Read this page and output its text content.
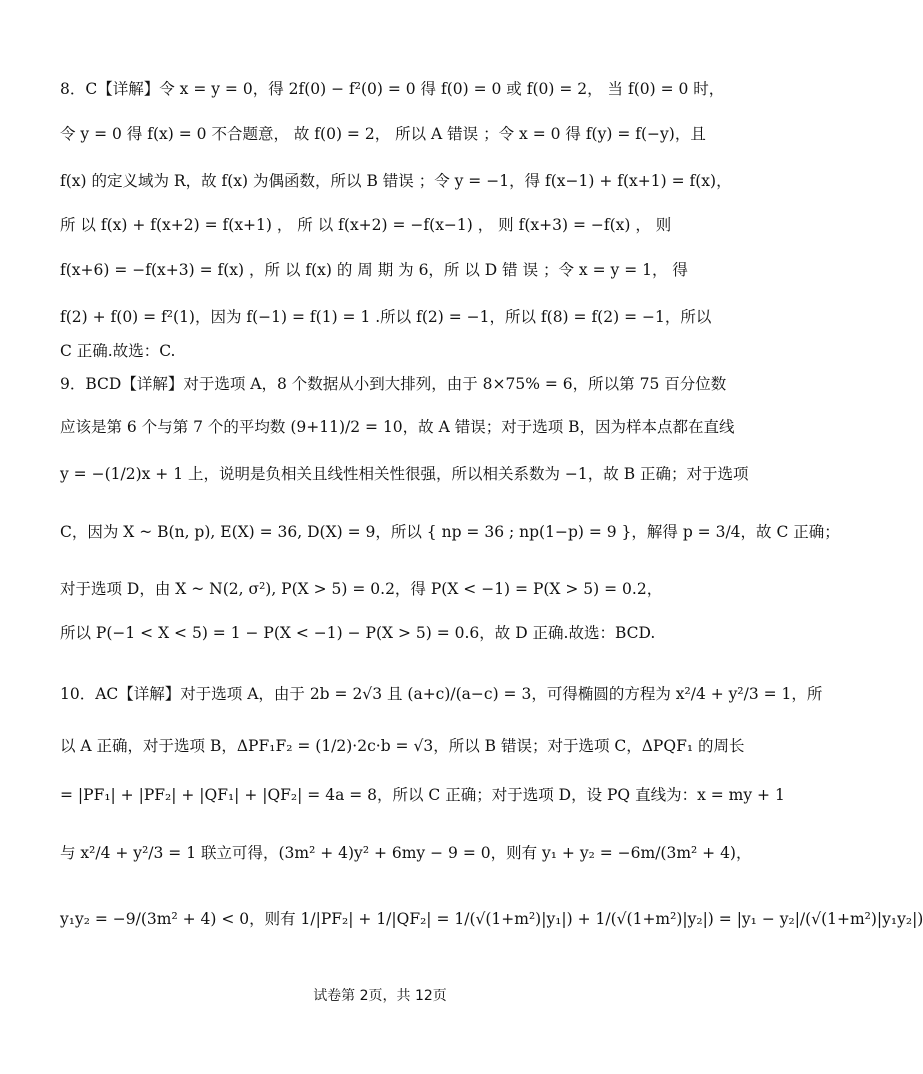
8．C【详解】令 x = y = 0，得 2f(0) − f²(0) = 0 得 f(0) = 0 或 f(0) = 2， 当 f(0) = 0 时，
令 y = 0 得 f(x) = 0 不合题意， 故 f(0) = 2， 所以 A 错误 ；令 x = 0 得 f(y) = f(−y)，且
f(x) 的定义域为 R，故 f(x) 为偶函数，所以 B 错误 ；令 y = −1，得 f(x−1) + f(x+1) = f(x)，
所 以 f(x) + f(x+2) = f(x+1) ， 所 以 f(x+2) = −f(x−1) ， 则 f(x+3) = −f(x) ， 则
f(x+6) = −f(x+3) = f(x) ，所 以 f(x) 的 周 期 为 6，所 以 D 错 误 ；令 x = y = 1， 得
f(2) + f(0) = f²(1)，因为 f(−1) = f(1) = 1 .所以 f(2) = −1，所以 f(8) = f(2) = −1，所以
C 正确.故选：C.
9．BCD【详解】对于选项 A，8 个数据从小到大排列，由于 8×75% = 6，所以第 75 百分位数
应该是第 6 个与第 7 个的平均数 (9+11)/2 = 10，故 A 错误；对于选项 B，因为样本点都在直线
y = −(1/2)x + 1 上，说明是负相关且线性相关性很强，所以相关系数为 −1，故 B 正确；对于选项
C，因为 X ~ B(n, p), E(X) = 36, D(X) = 9，所以 { np = 36 ; np(1−p) = 9 }，解得 p = 3/4，故 C 正确；
对于选项 D，由 X ~ N(2, σ²), P(X > 5) = 0.2，得 P(X < −1) = P(X > 5) = 0.2，
所以 P(−1 < X < 5) = 1 − P(X < −1) − P(X > 5) = 0.6，故 D 正确.故选：BCD.
10．AC【详解】对于选项 A，由于 2b = 2√3 且 (a+c)/(a−c) = 3，可得椭圆的方程为 x²/4 + y²/3 = 1，所
以 A 正确，对于选项 B，ΔPF₁F₂ = (1/2)·2c·b = √3，所以 B 错误；对于选项 C，ΔPQF₁ 的周长
= |PF₁| + |PF₂| + |QF₁| + |QF₂| = 4a = 8，所以 C 正确；对于选项 D，设 PQ 直线为：x = my + 1
与 x²/4 + y²/3 = 1 联立可得，(3m² + 4)y² + 6my − 9 = 0，则有 y₁ + y₂ = −6m/(3m² + 4)，
y₁y₂ = −9/(3m² + 4) < 0，则有 1/|PF₂| + 1/|QF₂| = 1/(√(1+m²)|y₁|) + 1/(√(1+m²)|y₂|) = |y₁ − y₂|/(√(1+m²)|y₁y₂|)
试卷第 2页，共 12页
